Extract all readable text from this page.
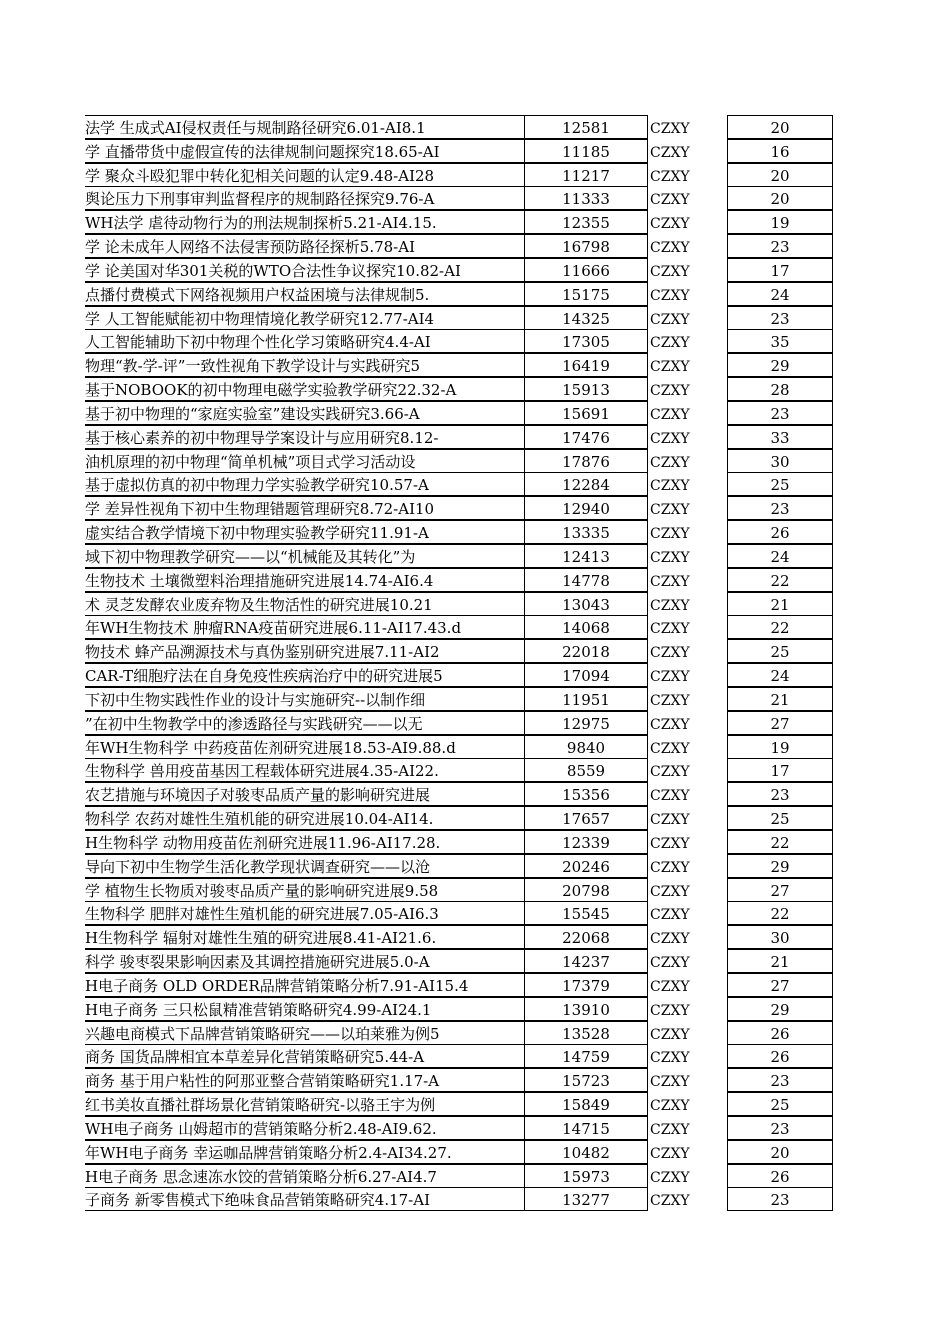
法学 生成式AI侵权责任与规制路径研究6.01-AI8.1	12581	CZXY	20
学 直播带货中虚假宣传的法律规制问题探究18.65-AI	11185	CZXY	16
学 聚众斗殴犯罪中转化犯相关问题的认定9.48-AI28	11217	CZXY	20
舆论压力下刑事审判监督程序的规制路径探究9.76-A	11333	CZXY	20
WH法学 虐待动物行为的刑法规制探析5.21-AI4.15.	12355	CZXY	19
学 论未成年人网络不法侵害预防路径探析5.78-AI	16798	CZXY	23
学 论美国对华301关税的WTO合法性争议探究10.82-AI	11666	CZXY	17
点播付费模式下网络视频用户权益困境与法律规制5.	15175	CZXY	24
学 人工智能赋能初中物理情境化教学研究12.77-AI4	14325	CZXY	23
人工智能辅助下初中物理个性化学习策略研究4.4-AI	17305	CZXY	35
物理“教-学-评”一致性视角下教学设计与实践研究5	16419	CZXY	29
基于NOBOOK的初中物理电磁学实验教学研究22.32-A	15913	CZXY	28
基于初中物理的“家庭实验室”建设实践研究3.66-A	15691	CZXY	23
基于核心素养的初中物理导学案设计与应用研究8.12-	17476	CZXY	33
油机原理的初中物理“简单机械”项目式学习活动设	17876	CZXY	30
基于虚拟仿真的初中物理力学实验教学研究10.57-A	12284	CZXY	25
学 差异性视角下初中生物理错题管理研究8.72-AI10	12940	CZXY	23
虚实结合教学情境下初中物理实验教学研究11.91-A	13335	CZXY	26
域下初中物理教学研究——以“机械能及其转化”为	12413	CZXY	24
生物技术 土壤微塑料治理措施研究进展14.74-AI6.4	14778	CZXY	22
术 灵芝发酵农业废弃物及生物活性的研究进展10.21	13043	CZXY	21
年WH生物技术 肿瘤RNA疫苗研究进展6.11-AI17.43.d	14068	CZXY	22
物技术 蜂产品溯源技术与真伪鉴别研究进展7.11-AI2	22018	CZXY	25
CAR-T细胞疗法在自身免疫性疾病治疗中的研究进展5	17094	CZXY	24
下初中生物实践性作业的设计与实施研究--以制作细	11951	CZXY	21
”在初中生物教学中的渗透路径与实践研究——以无	12975	CZXY	27
年WH生物科学 中药疫苗佐剂研究进展18.53-AI9.88.d	9840	CZXY	19
生物科学 兽用疫苗基因工程载体研究进展4.35-AI22.	8559	CZXY	17
农艺措施与环境因子对骏枣品质产量的影响研究进展	15356	CZXY	23
物科学 农药对雄性生殖机能的研究进展10.04-AI14.	17657	CZXY	25
H生物科学 动物用疫苗佐剂研究进展11.96-AI17.28.	12339	CZXY	22
导向下初中生物学生活化教学现状调查研究——以沧	20246	CZXY	29
学 植物生长物质对骏枣品质产量的影响研究进展9.58	20798	CZXY	27
生物科学 肥胖对雄性生殖机能的研究进展7.05-AI6.3	15545	CZXY	22
H生物科学 辐射对雄性生殖的研究进展8.41-AI21.6.	22068	CZXY	30
科学 骏枣裂果影响因素及其调控措施研究进展5.0-A	14237	CZXY	21
H电子商务 OLD ORDER品牌营销策略分析7.91-AI15.4	17379	CZXY	27
H电子商务 三只松鼠精准营销策略研究4.99-AI24.1	13910	CZXY	29
兴趣电商模式下品牌营销策略研究——以珀莱雅为例5	13528	CZXY	26
商务 国货品牌相宜本草差异化营销策略研究5.44-A	14759	CZXY	26
商务 基于用户粘性的阿那亚整合营销策略研究1.17-A	15723	CZXY	23
红书美妆直播社群场景化营销策略研究-以骆王宇为例	15849	CZXY	25
WH电子商务 山姆超市的营销策略分析2.48-AI9.62.	14715	CZXY	23
年WH电子商务 幸运咖品牌营销策略分析2.4-AI34.27.	10482	CZXY	20
H电子商务 思念速冻水饺的营销策略分析6.27-AI4.7	15973	CZXY	26
子商务 新零售模式下绝味食品营销策略研究4.17-AI	13277	CZXY	23
